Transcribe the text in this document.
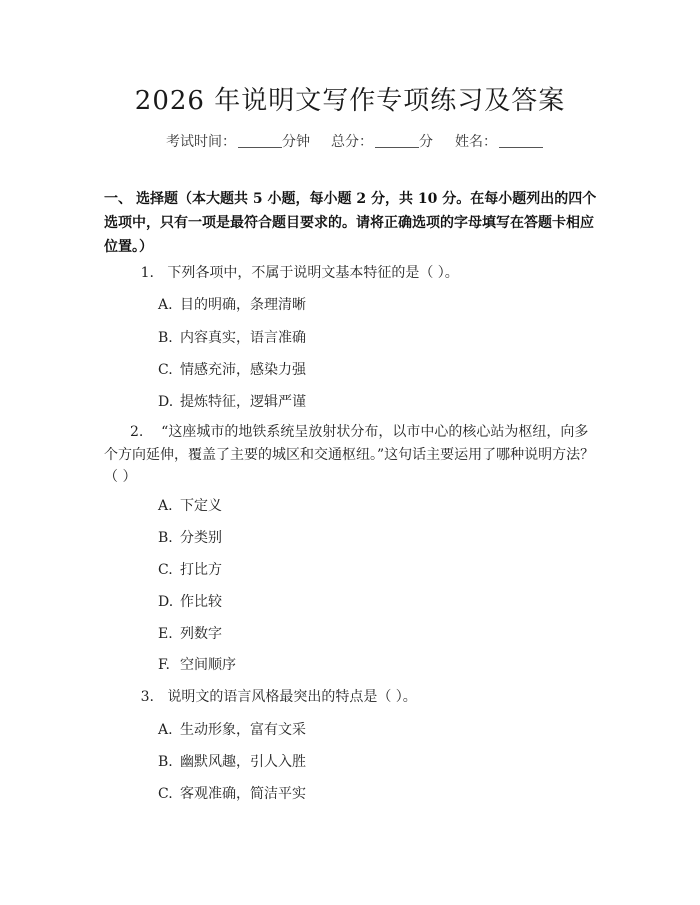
2026 年说明文写作专项练习及答案
考试时间：	分钟 总分：	分 姓名：
一、 选择题（本大题共 5 小题，每小题 2 分，共 10 分。在每小题列出的四个选项中，只有一项是最符合题目要求的。请将正确选项的字母填写在答题卡相应位置。）
1. 下列各项中，不属于说明文基本特征的是（ ）。
A. 目的明确，条理清晰
B. 内容真实，语言准确
C. 情感充沛，感染力强
D. 提炼特征，逻辑严谨
2. “这座城市的地铁系统呈放射状分布，以市中心的核心站为枢纽，向多个方向延伸，覆盖了主要的城区和交通枢纽。”这句话主要运用了哪种说明方法？（ ）
A. 下定义
B. 分类别
C. 打比方
D. 作比较
E. 列数字
F. 空间顺序
3. 说明文的语言风格最突出的特点是（ ）。
A. 生动形象，富有文采
B. 幽默风趣，引人入胜
C. 客观准确，简洁平实
